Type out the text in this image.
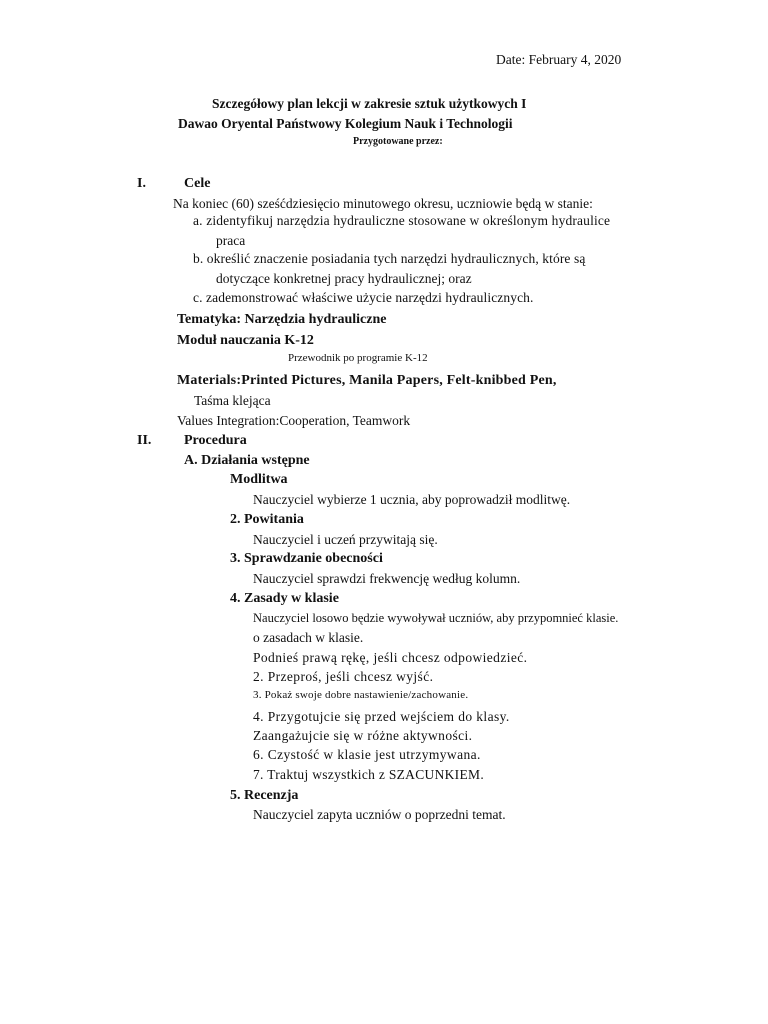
Date: February 4, 2020
Szczegółowy plan lekcji w zakresie sztuk użytkowych I
Dawao Oryental Państwowy Kolegium Nauk i Technologii
Przygotowane przez:
I.	Cele
Na koniec (60) sześćdziesięcio minutowego okresu, uczniowie będą w stanie:
a. zidentyfikuj narzędzia hydrauliczne stosowane w określonym hydraulice
praca
b. określić znaczenie posiadania tych narzędzi hydraulicznych, które są
dotyczące konkretnej pracy hydraulicznej; oraz
c. zademonstrować właściwe użycie narzędzi hydraulicznych.
Tematyka: Narzędzia hydrauliczne
Moduł nauczania K-12
Przewodnik po programie K-12
Materials:Printed Pictures, Manila Papers, Felt-knibbed Pen,
Taśma klejąca
Values Integration:Cooperation, Teamwork
II. Procedura
A. Działania wstępne
Modlitwa
Nauczyciel wybierze 1 ucznia, aby poprowadził modlitwę.
2. Powitania
Nauczyciel i uczeń przywitają się.
3. Sprawdzanie obecności
Nauczyciel sprawdzi frekwencję według kolumn.
4. Zasady w klasie
Nauczyciel losowo będzie wywoływał uczniów, aby przypomnieć klasie.
o zasadach w klasie.
Podnieś prawą rękę, jeśli chcesz odpowiedzieć.
2. Przeproś, jeśli chcesz wyjść.
3. Pokaż swoje dobre nastawienie/zachowanie.
4. Przygotujcie się przed wejściem do klasy.
Zaangażujcie się w różne aktywności.
6. Czystość w klasie jest utrzymywana.
7. Traktuj wszystkich z SZACUNKIEM.
5. Recenzja
Nauczyciel zapyta uczniów o poprzedni temat.
